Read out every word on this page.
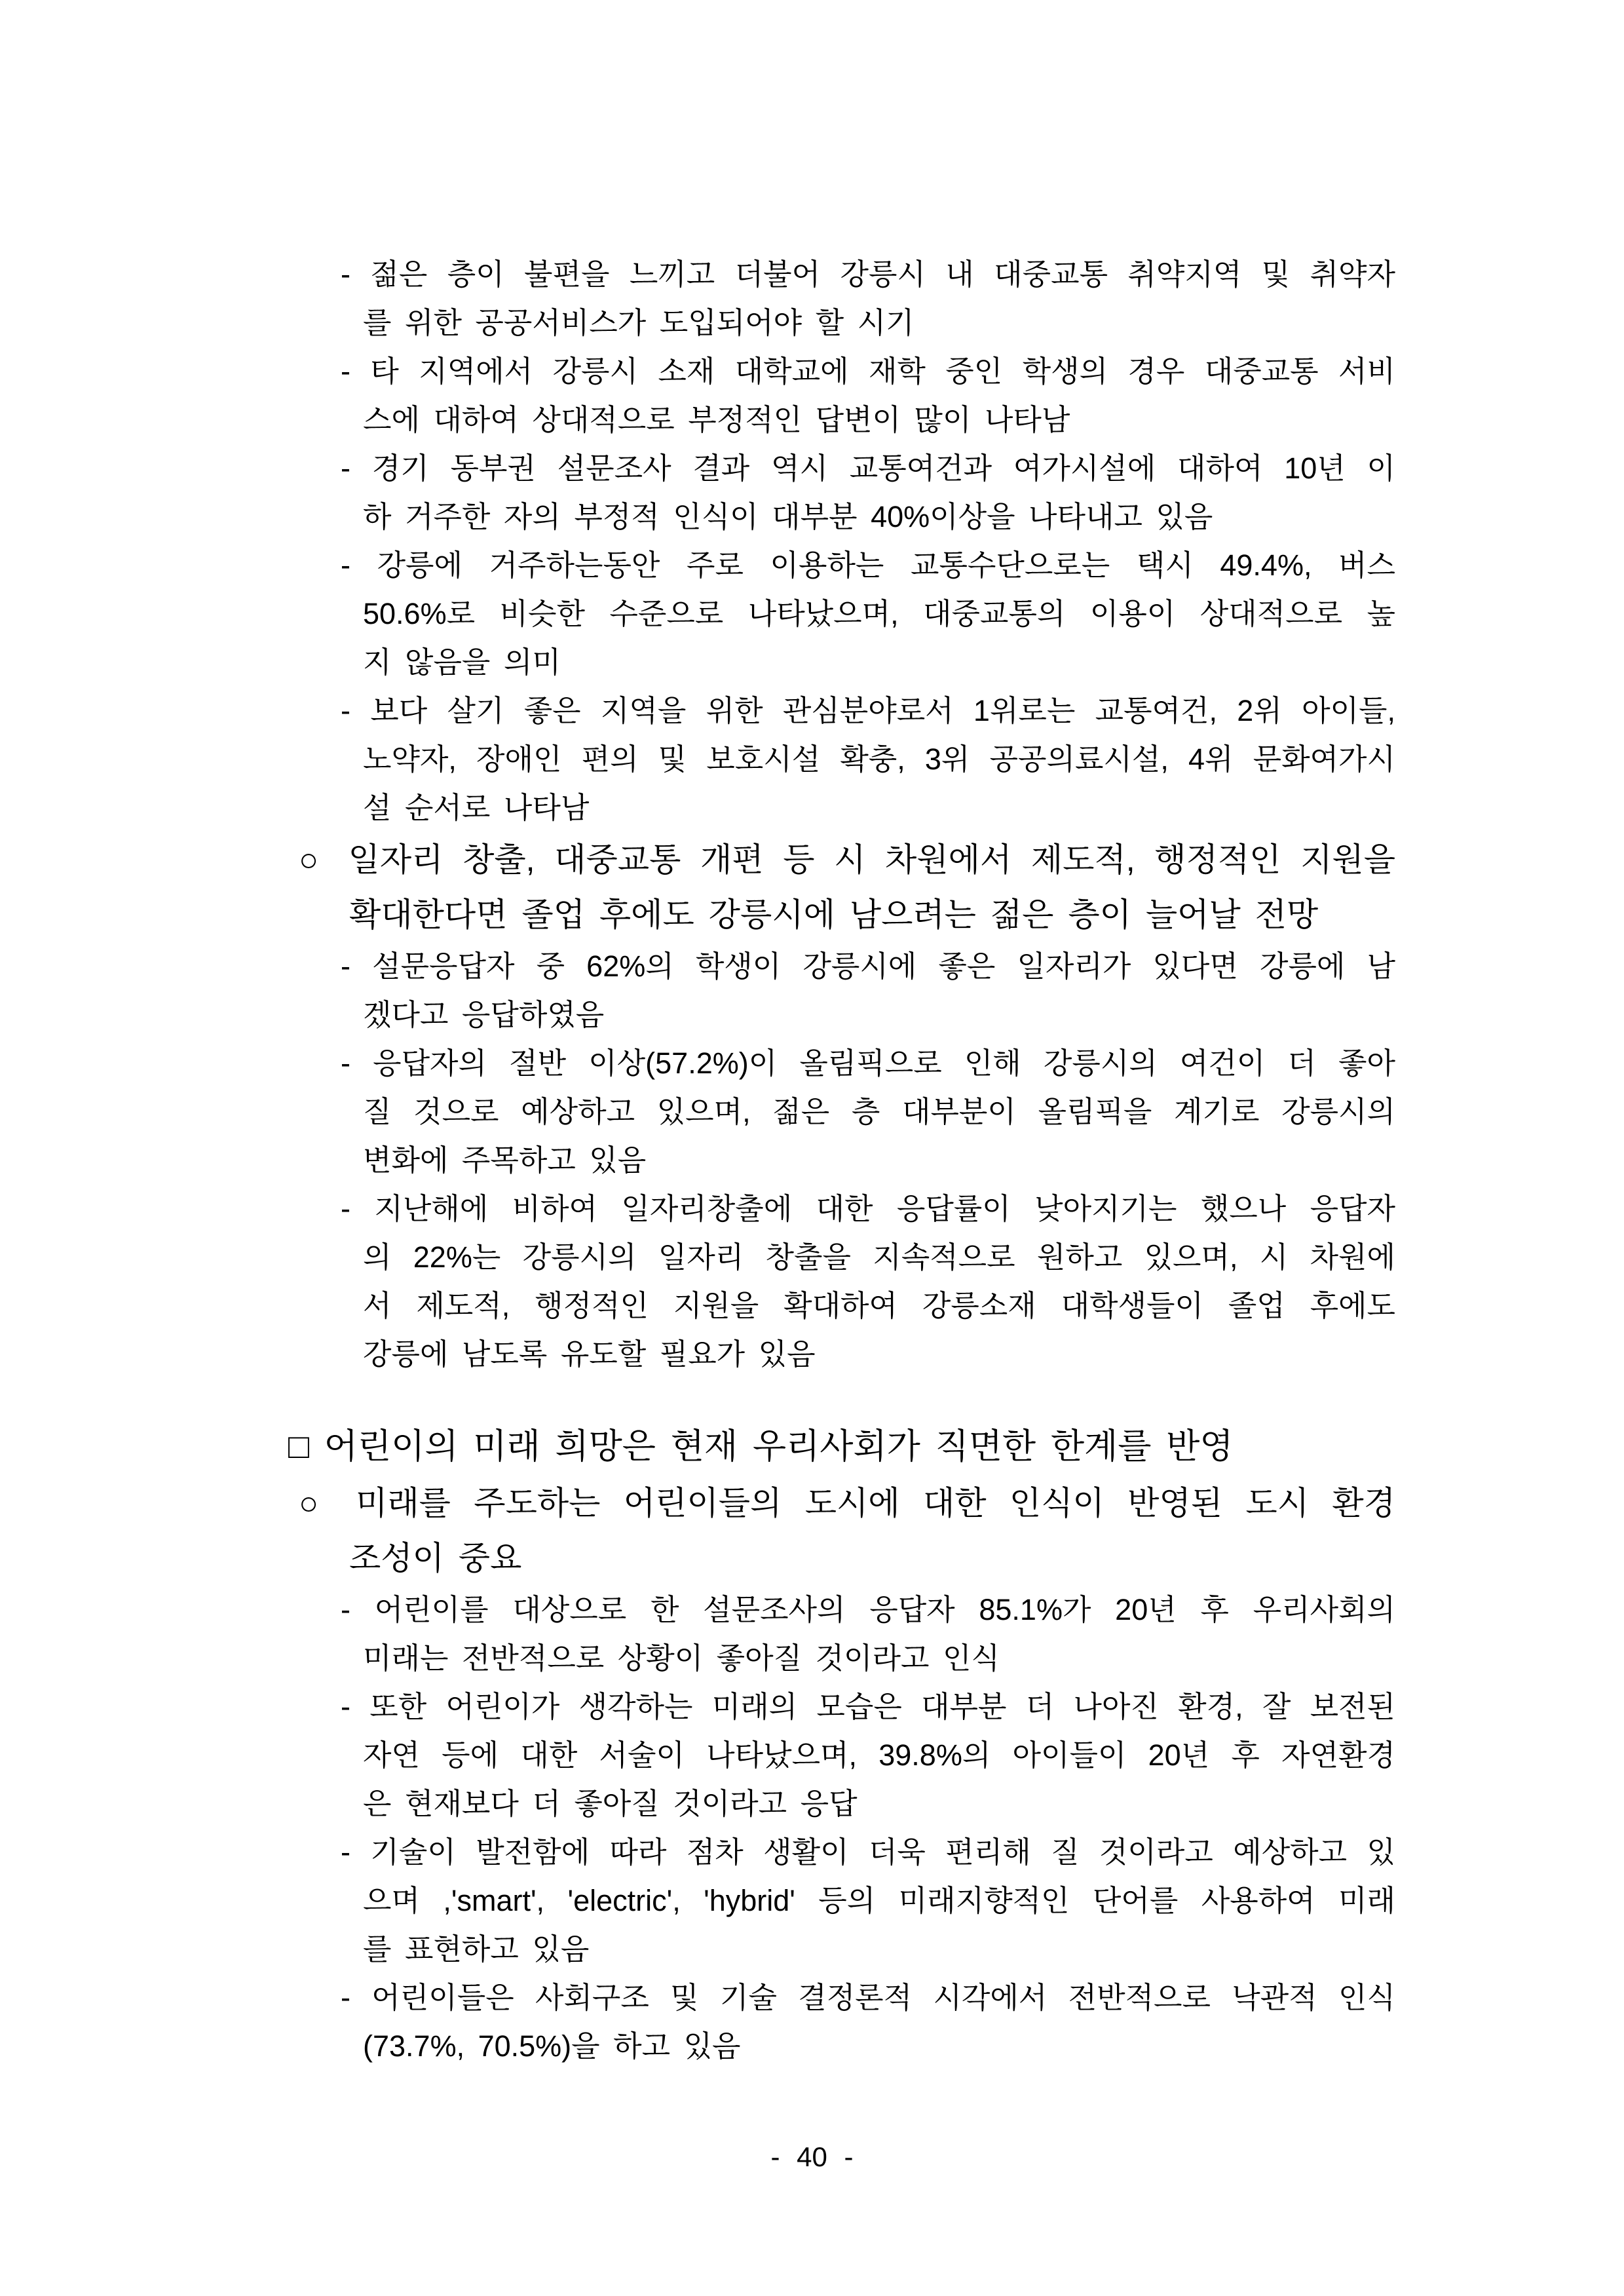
- 젊은 층이 불편을 느끼고 더불어 강릉시 내 대중교통 취약지역 및 취약자
를 위한 공공서비스가 도입되어야 할 시기
- 타 지역에서 강릉시 소재 대학교에 재학 중인 학생의 경우 대중교통 서비
스에 대하여 상대적으로 부정적인 답변이 많이 나타남
- 경기 동부권 설문조사 결과 역시 교통여건과 여가시설에 대하여 10년 이
하 거주한 자의 부정적 인식이 대부분 40%이상을 나타내고 있음
- 강릉에 거주하는동안 주로 이용하는 교통수단으로는 택시 49.4%, 버스
50.6%로 비슷한 수준으로 나타났으며, 대중교통의 이용이 상대적으로 높
지 않음을 의미
- 보다 살기 좋은 지역을 위한 관심분야로서 1위로는 교통여건, 2위 아이들,
노약자, 장애인 편의 및 보호시설 확충, 3위 공공의료시설, 4위 문화여가시
설 순서로 나타남
○ 일자리 창출, 대중교통 개편 등 시 차원에서 제도적, 행정적인 지원을
확대한다면 졸업 후에도 강릉시에 남으려는 젊은 층이 늘어날 전망
- 설문응답자 중 62%의 학생이 강릉시에 좋은 일자리가 있다면 강릉에 남
겠다고 응답하였음
- 응답자의 절반 이상(57.2%)이 올림픽으로 인해 강릉시의 여건이 더 좋아
질 것으로 예상하고 있으며, 젊은 층 대부분이 올림픽을 계기로 강릉시의
변화에 주목하고 있음
- 지난해에 비하여 일자리창출에 대한 응답률이 낮아지기는 했으나 응답자
의 22%는 강릉시의 일자리 창출을 지속적으로 원하고 있으며, 시 차원에
서 제도적, 행정적인 지원을 확대하여 강릉소재 대학생들이 졸업 후에도
강릉에 남도록 유도할 필요가 있음
□ 어린이의 미래 희망은 현재 우리사회가 직면한 한계를 반영
○ 미래를 주도하는 어린이들의 도시에 대한 인식이 반영된 도시 환경
조성이 중요
- 어린이를 대상으로 한 설문조사의 응답자 85.1%가 20년 후 우리사회의
미래는 전반적으로 상황이 좋아질 것이라고 인식
- 또한 어린이가 생각하는 미래의 모습은 대부분 더 나아진 환경, 잘 보전된
자연 등에 대한 서술이 나타났으며, 39.8%의 아이들이 20년 후 자연환경
은 현재보다 더 좋아질 것이라고 응답
- 기술이 발전함에 따라 점차 생활이 더욱 편리해 질 것이라고 예상하고 있
으며 ,'smart', 'electric', 'hybrid' 등의 미래지향적인 단어를 사용하여 미래
를 표현하고 있음
- 어린이들은 사회구조 및 기술 결정론적 시각에서 전반적으로 낙관적 인식
(73.7%, 70.5%)을 하고 있음
- 40 -
